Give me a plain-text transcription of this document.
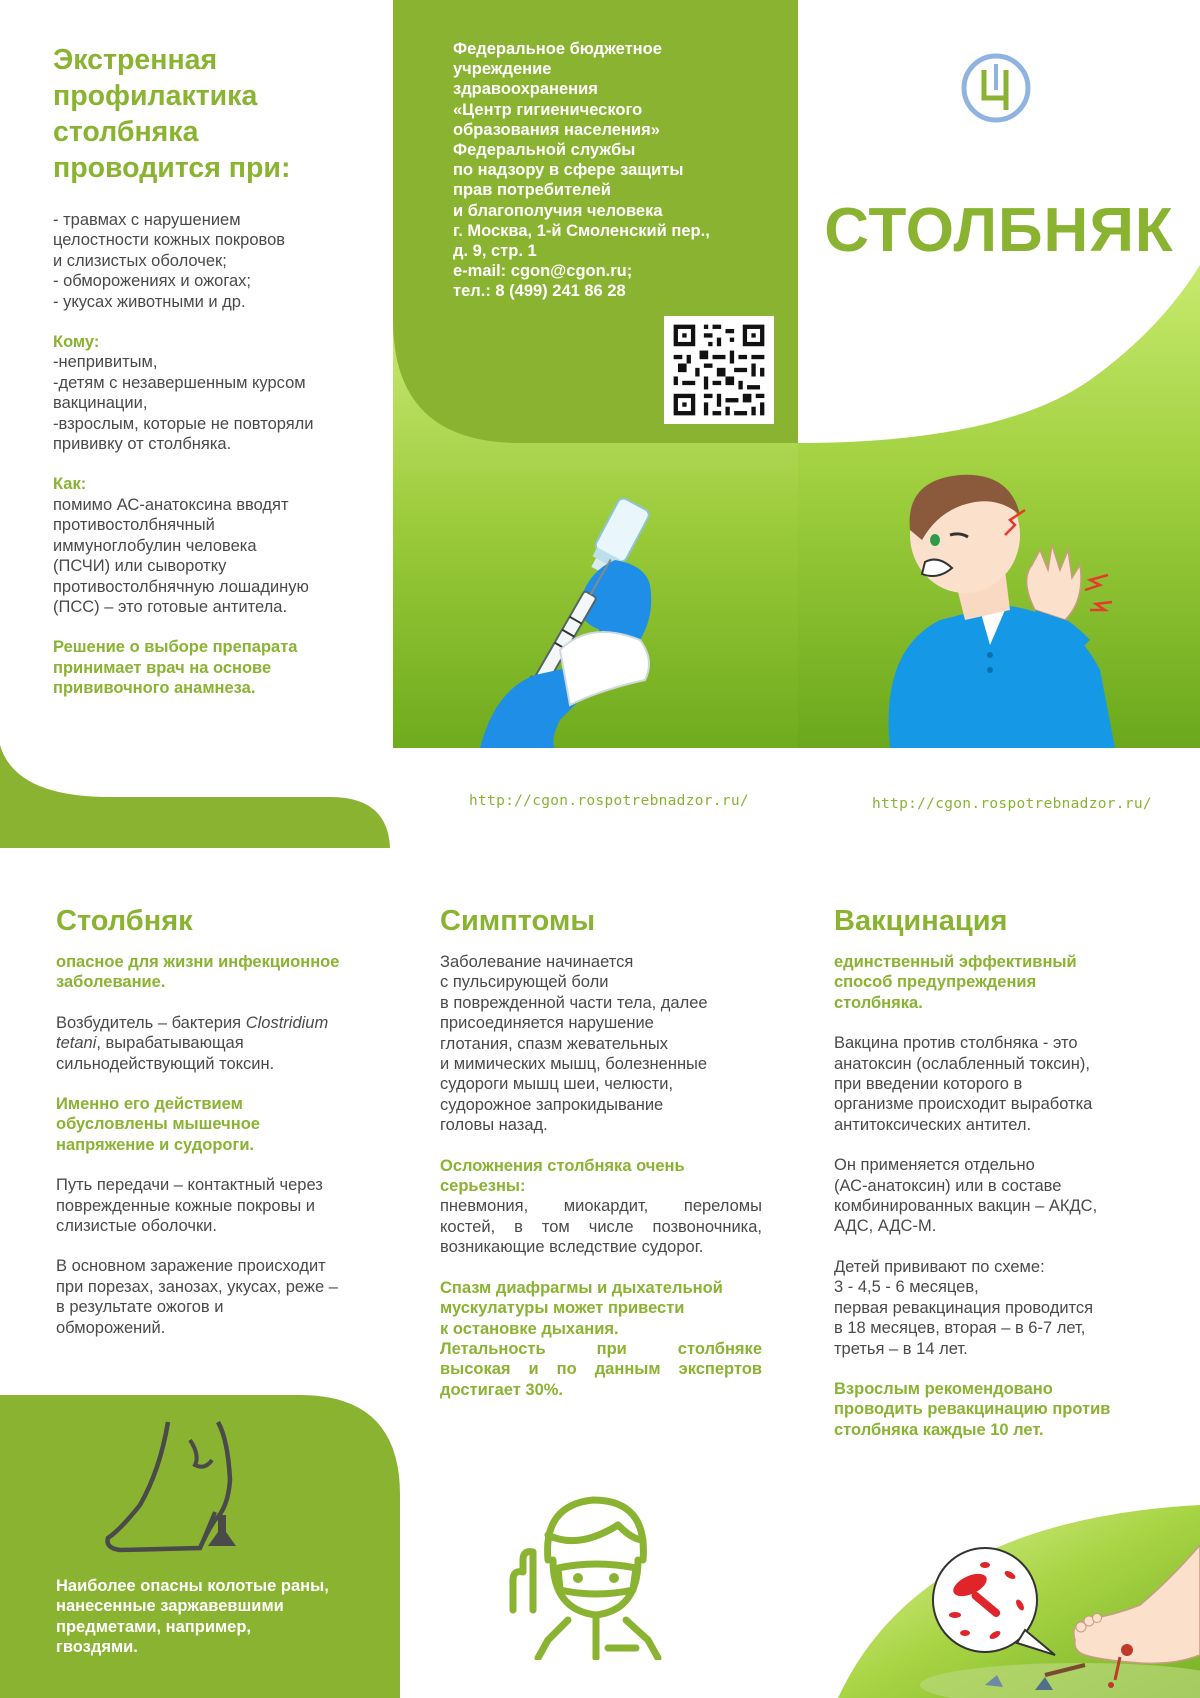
Экстренная профилактика столбняка проводится при:
- травмах с нарушением
целостности кожных покровов
и слизистых оболочек;
- обморожениях и ожогах;
- укусах животными и др.
Кому:
-непривитым,
-детям с незавершенным курсом
вакцинации,
-взрослым, которые не повторяли
прививку от столбняка.
Как:
помимо АС-анатоксина вводят
противостолбнячный
иммуноглобулин человека
(ПСЧИ) или сыворотку
противостолбнячную лошадиную
(ПСС) – это готовые антитела.
Решение о выборе препарата
принимает врач на основе
прививочного анамнеза.
Федеральное бюджетное
учреждение
здравоохранения
«Центр гигиенического
образования населения»
Федеральной службы
по надзору в сфере защиты
прав потребителей
и благополучия человека
г. Москва, 1-й Смоленский пер.,
д. 9, стр. 1
e-mail: cgon@cgon.ru;
тел.: 8 (499) 241 86 28
СТОЛБНЯК
http://cgon.rospotrebnadzor.ru/	http://cgon.rospotrebnadzor.ru/
Столбняк
опасное для жизни инфекционное
заболевание.
Возбудитель – бактерия Clostridium
tetani, вырабатывающая
сильнодействующий токсин.
Именно его действием
обусловлены мышечное
напряжение и судороги.
Путь передачи – контактный через
поврежденные кожные покровы и
слизистые оболочки.
В основном заражение происходит
при порезах, занозах, укусах, реже –
в результате ожогов и
обморожений.
Наиболее опасны колотые раны,
нанесенные заржавевшими
предметами, например,
гвоздями.
Симптомы
Заболевание начинается
с пульсирующей боли
в поврежденной части тела, далее
присоединяется нарушение
глотания, спазм жевательных
и мимических мышц, болезненные
судороги мышц шеи, челюсти,
судорожное запрокидывание
головы назад.
Осложнения столбняка очень
серьезны:
пневмония, миокардит, переломы
костей, в том числе позвоночника,
возникающие вследствие судорог.
Спазм диафрагмы и дыхательной
мускулатуры может привести
к остановке дыхания.
Летальность при столбняке
высокая и по данным экспертов
достигает 30%.
Вакцинация
единственный эффективный
способ предупреждения
столбняка.
Вакцина против столбняка - это
анатоксин (ослабленный токсин),
при введении которого в
организме происходит выработка
антитоксических антител.
Он применяется отдельно
(АС-анатоксин) или в составе
комбинированных вакцин – АКДС,
АДС, АДС-М.
Детей прививают по схеме:
3 - 4,5 - 6 месяцев,
первая ревакцинация проводится
в 18 месяцев, вторая – в 6-7 лет,
третья – в 14 лет.
Взрослым рекомендовано
проводить ревакцинацию против
столбняка каждые 10 лет.
